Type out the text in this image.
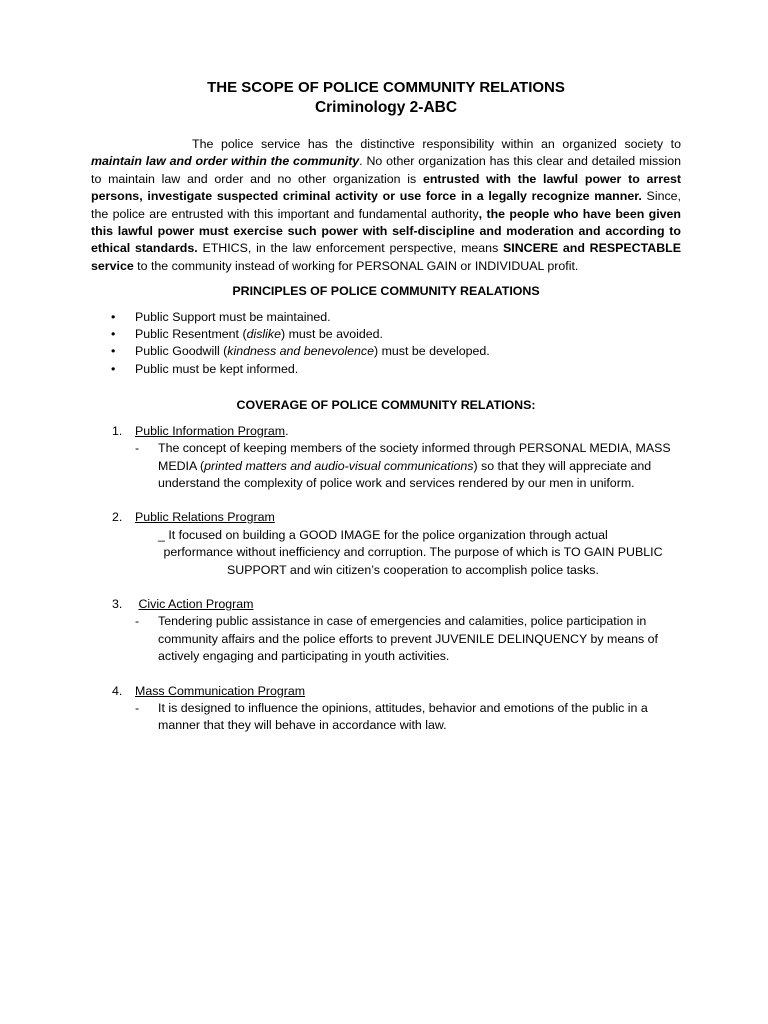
THE SCOPE OF POLICE COMMUNITY RELATIONS

Criminology 2-ABC

The police service has the distinctive responsibility within an organized society to maintain law and order within the community. No other organization has this clear and detailed mission to maintain law and order and no other organization is entrusted with the lawful power to arrest persons, investigate suspected criminal activity or use force in a legally recognize manner. Since, the police are entrusted with this important and fundamental authority, the people who have been given this lawful power must exercise such power with self-discipline and moderation and according to ethical standards. ETHICS, in the law enforcement perspective, means SINCERE and RESPECTABLE service to the community instead of working for PERSONAL GAIN or INDIVIDUAL profit.

PRINCIPLES OF POLICE COMMUNITY REALATIONS

• Public Support must be maintained.
• Public Resentment (dislike) must be avoided.
• Public Goodwill (kindness and benevolence) must be developed.
• Public must be kept informed.

COVERAGE OF POLICE COMMUNITY RELATIONS:

1. Public Information Program.
- The concept of keeping members of the society informed through PERSONAL MEDIA, MASS MEDIA (printed matters and audio-visual communications) so that they will appreciate and understand the complexity of police work and services rendered by our men in uniform.
2. Public Relations Program
_ It focused on building a GOOD IMAGE for the police organization through actual
performance without inefficiency and corruption. The purpose of which is TO GAIN PUBLIC SUPPORT and win citizen’s cooperation to accomplish police tasks.
3. Civic Action Program
- Tendering public assistance in case of emergencies and calamities, police participation in community affairs and the police efforts to prevent JUVENILE DELINQUENCY by means of actively engaging and participating in youth activities.
4. Mass Communication Program
- It is designed to influence the opinions, attitudes, behavior and emotions of the public in a manner that they will behave in accordance with law.
